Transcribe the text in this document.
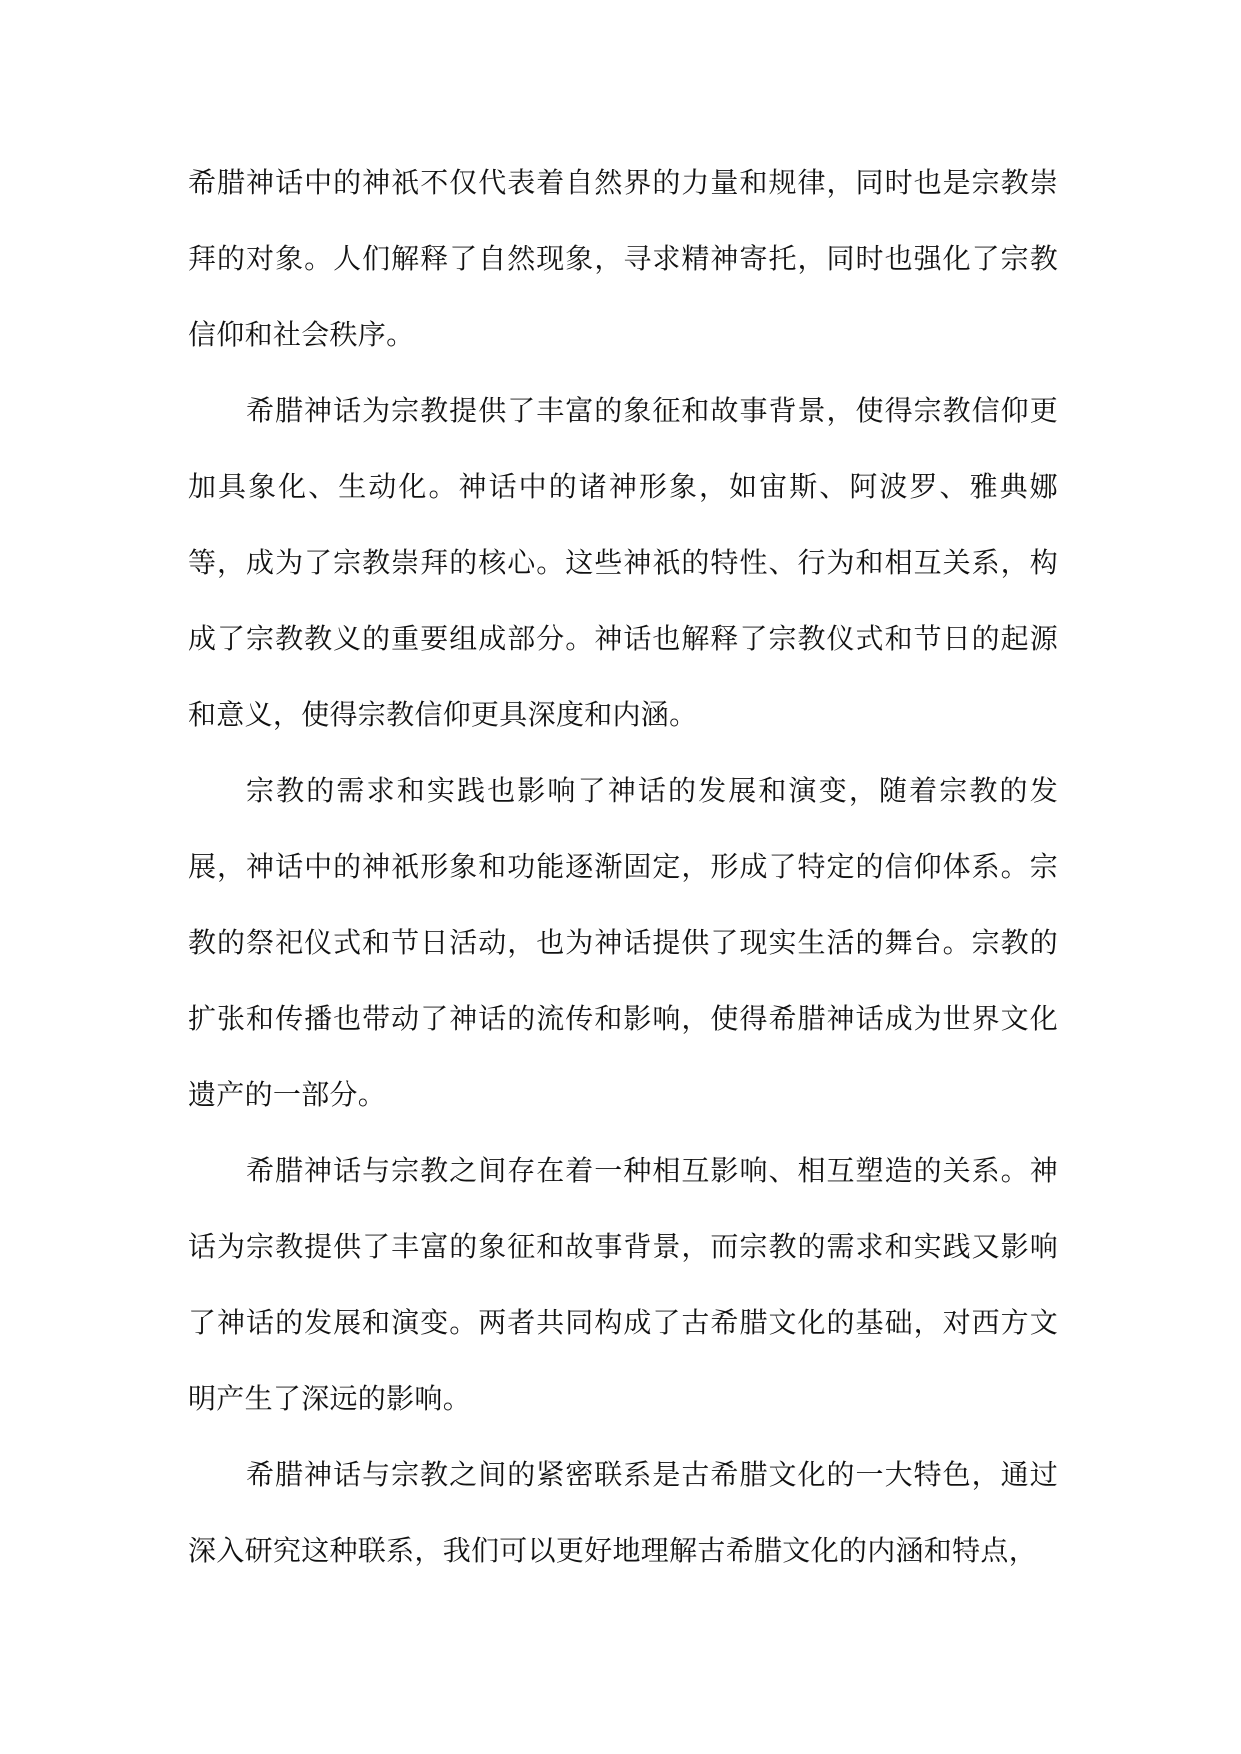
希腊神话中的神祇不仅代表着自然界的力量和规律，同时也是宗教崇拜的对象。人们解释了自然现象，寻求精神寄托，同时也强化了宗教信仰和社会秩序。

希腊神话为宗教提供了丰富的象征和故事背景，使得宗教信仰更加具象化、生动化。神话中的诸神形象，如宙斯、阿波罗、雅典娜等，成为了宗教崇拜的核心。这些神祇的特性、行为和相互关系，构成了宗教教义的重要组成部分。神话也解释了宗教仪式和节日的起源和意义，使得宗教信仰更具深度和内涵。

宗教的需求和实践也影响了神话的发展和演变，随着宗教的发展，神话中的神祇形象和功能逐渐固定，形成了特定的信仰体系。宗教的祭祀仪式和节日活动，也为神话提供了现实生活的舞台。宗教的扩张和传播也带动了神话的流传和影响，使得希腊神话成为世界文化遗产的一部分。

希腊神话与宗教之间存在着一种相互影响、相互塑造的关系。神话为宗教提供了丰富的象征和故事背景，而宗教的需求和实践又影响了神话的发展和演变。两者共同构成了古希腊文化的基础，对西方文明产生了深远的影响。

希腊神话与宗教之间的紧密联系是古希腊文化的一大特色，通过深入研究这种联系，我们可以更好地理解古希腊文化的内涵和特点，
